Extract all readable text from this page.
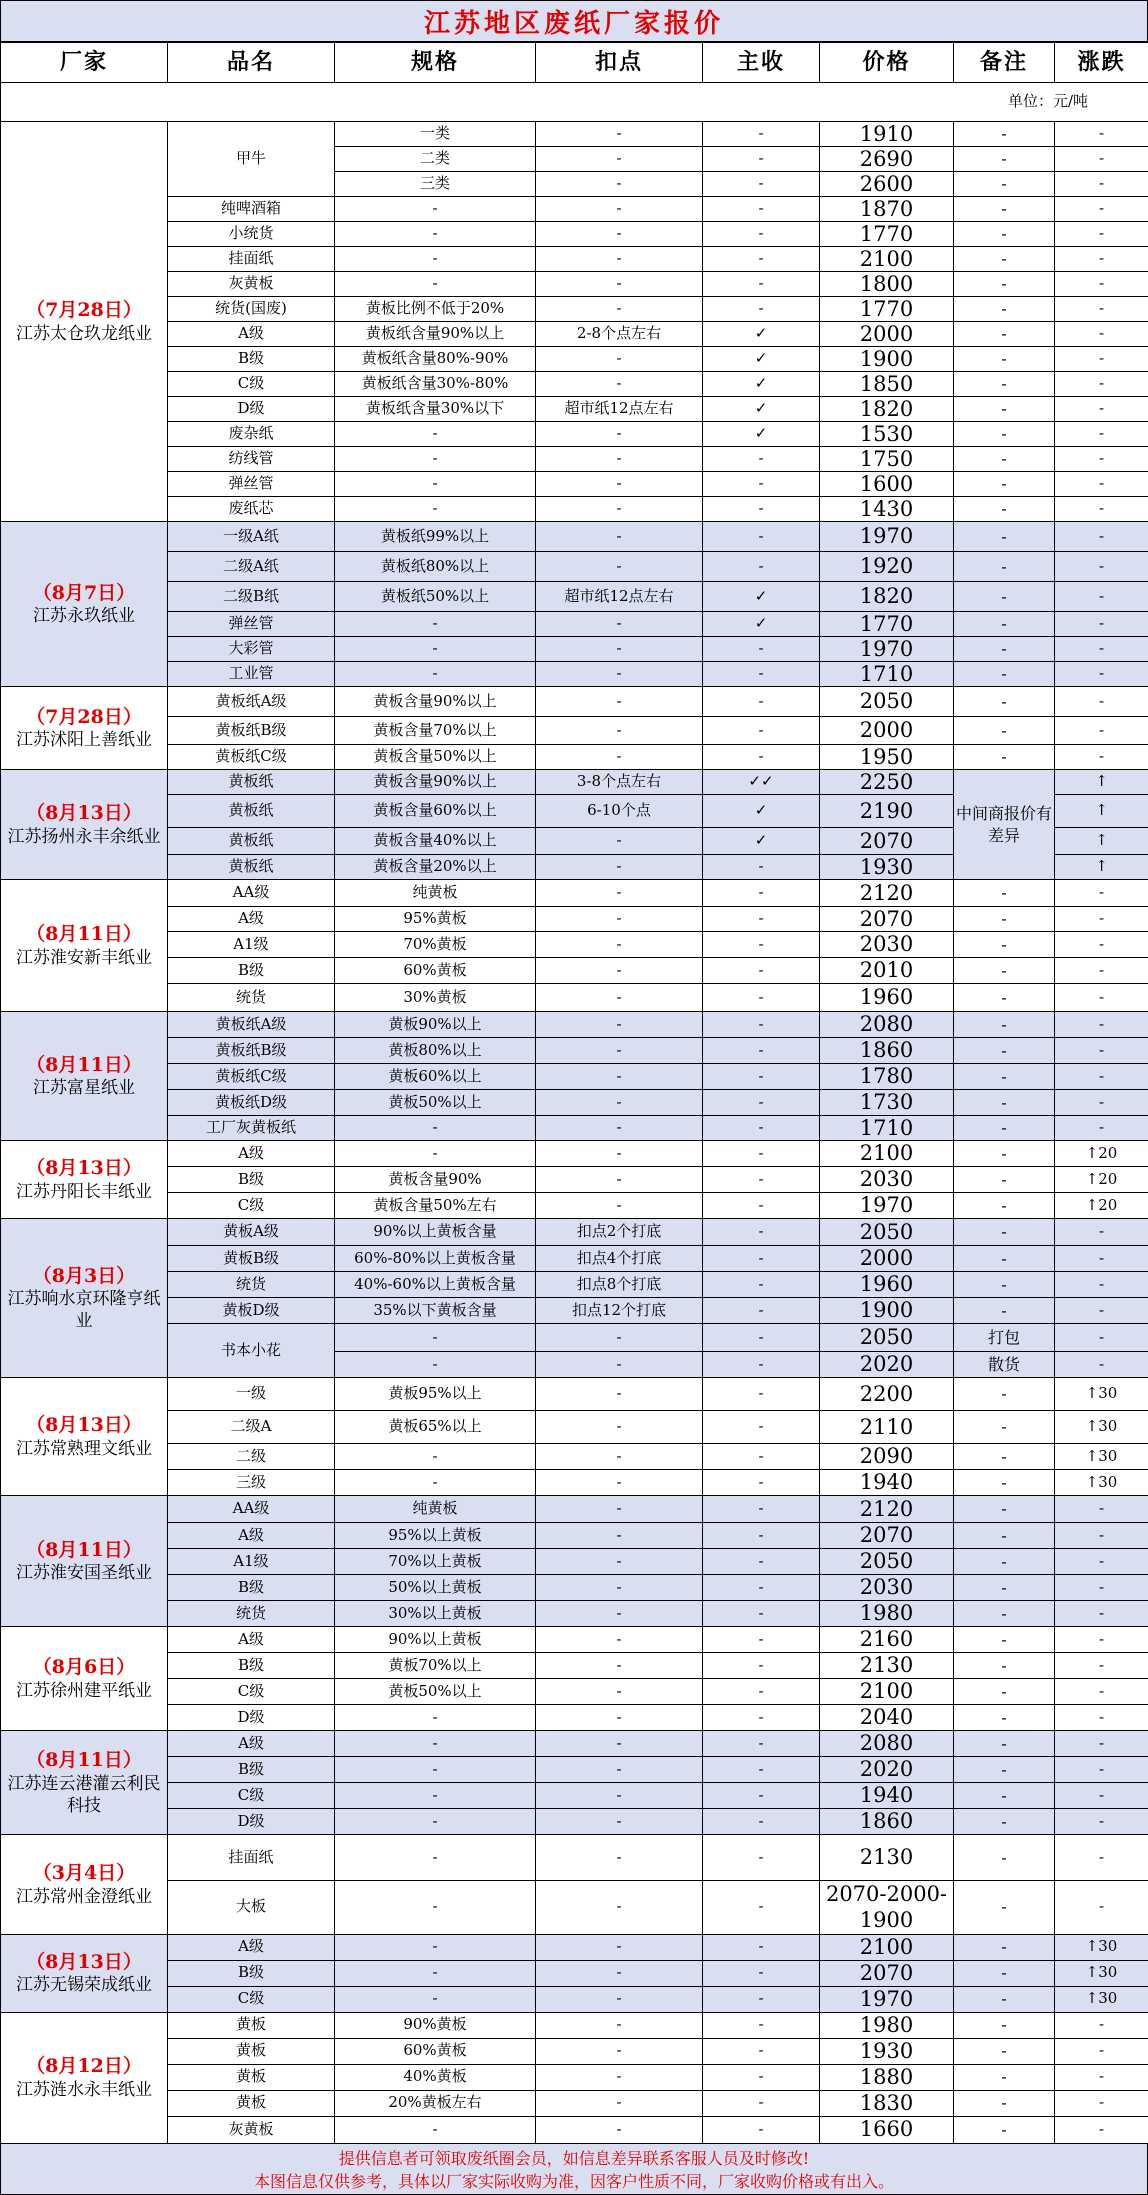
江苏地区废纸厂家报价
厂家	品名	规格	扣点	主收	价格	备注	涨跌
单位：元/吨							

（7月28日）
江苏太仓玖龙纸业	甲牛	一类	-	-	1910	-	-
		二类	-	-	2690	-	-
		三类	-	-	2600	-	-
	纯啤酒箱	-	-	-	1870	-	-
	小统货	-	-	-	1770	-	-
	挂面纸	-	-	-	2100	-	-
	灰黄板	-	-	-	1800	-	-
	统货(国废)	黄板比例不低于20%	-	-	1770	-	-
	A级	黄板纸含量90%以上	2-8个点左右	✓	2000	-	-
	B级	黄板纸含量80%-90%	-	✓	1900	-	-
	C级	黄板纸含量30%-80%	-	✓	1850	-	-
	D级	黄板纸含量30%以下	超市纸12点左右	✓	1820	-	-
	废杂纸	-	-	✓	1530	-	-
	纺线管	-	-	-	1750	-	-
	弹丝管	-	-	-	1600	-	-
	废纸芯	-	-	-	1430	-	-

（8月7日）
江苏永玖纸业	一级A纸	黄板纸99%以上	-	-	1970	-	-
	二级A纸	黄板纸80%以上	-	-	1920	-	-
	二级B纸	黄板纸50%以上	超市纸12点左右	✓	1820	-	-
	弹丝管	-	-	✓	1770	-	-
	大彩管	-	-	-	1970	-	-
	工业管	-	-	-	1710	-	-

（7月28日）
江苏沭阳上善纸业	黄板纸A级	黄板含量90%以上	-	-	2050	-	-
	黄板纸B级	黄板含量70%以上	-	-	2000	-	-
	黄板纸C级	黄板含量50%以上	-	-	1950	-	-

（8月13日）
江苏扬州永丰余纸业	黄板纸	黄板含量90%以上	3-8个点左右	✓✓	2250	中间商报价有差异	↑
	黄板纸	黄板含量60%以上	6-10个点	✓	2190		↑
	黄板纸	黄板含量40%以上	-	✓	2070		↑
	黄板纸	黄板含量20%以上	-	-	1930		↑

（8月11日）
江苏淮安新丰纸业	AA级	纯黄板	-	-	2120	-	-
	A级	95%黄板	-	-	2070	-	-
	A1级	70%黄板	-	-	2030	-	-
	B级	60%黄板	-	-	2010	-	-
	统货	30%黄板	-	-	1960	-	-

（8月11日）
江苏富星纸业	黄板纸A级	黄板90%以上	-	-	2080	-	-
	黄板纸B级	黄板80%以上	-	-	1860	-	-
	黄板纸C级	黄板60%以上	-	-	1780	-	-
	黄板纸D级	黄板50%以上	-	-	1730	-	-
	工厂灰黄板纸	-	-	-	1710	-	-

（8月13日）
江苏丹阳长丰纸业	A级	-	-	-	2100	-	↑20
	B级	黄板含量90%	-	-	2030	-	↑20
	C级	黄板含量50%左右	-	-	1970	-	↑20

（8月3日）
江苏响水京环隆亨纸业	黄板A级	90%以上黄板含量	扣点2个打底	-	2050	-	-
	黄板B级	60%-80%以上黄板含量	扣点4个打底	-	2000	-	-
	统货	40%-60%以上黄板含量	扣点8个打底	-	1960	-	-
	黄板D级	35%以下黄板含量	扣点12个打底	-	1900	-	-
	书本小花	-	-	-	2050	打包	-
		-	-	-	2020	散货	-

（8月13日）
江苏常熟理文纸业	一级	黄板95%以上	-	-	2200	-	↑30
	二级A	黄板65%以上	-	-	2110	-	↑30
	二级	-	-	-	2090	-	↑30
	三级	-	-	-	1940	-	↑30

（8月11日）
江苏淮安国圣纸业	AA级	纯黄板	-	-	2120	-	-
	A级	95%以上黄板	-	-	2070	-	-
	A1级	70%以上黄板	-	-	2050	-	-
	B级	50%以上黄板	-	-	2030	-	-
	统货	30%以上黄板	-	-	1980	-	-

（8月6日）
江苏徐州建平纸业	A级	90%以上黄板	-	-	2160	-	-
	B级	黄板70%以上	-	-	2130	-	-
	C级	黄板50%以上	-	-	2100	-	-
	D级	-	-	-	2040	-	-

（8月11日）
江苏连云港灌云利民科技	A级	-	-	-	2080	-	-
	B级	-	-	-	2020	-	-
	C级	-	-	-	1940	-	-
	D级	-	-	-	1860	-	-

（3月4日）
江苏常州金澄纸业	挂面纸	-	-	-	2130	-	-
	大板	-	-	-	2070-2000-1900	-	-

（8月13日）
江苏无锡荣成纸业	A级	-	-	-	2100	-	↑30
	B级	-	-	-	2070	-	↑30
	C级	-	-	-	1970	-	↑30

（8月12日）
江苏涟水永丰纸业	黄板	90%黄板	-	-	1980	-	-
	黄板	60%黄板	-	-	1930	-	-
	黄板	40%黄板	-	-	1880	-	-
	黄板	20%黄板左右	-	-	1830	-	-
	灰黄板	-	-	-	1660	-	-
提供信息者可领取废纸圈会员，如信息差异联系客服人员及时修改!
本图信息仅供参考，具体以厂家实际收购为准，因客户性质不同，厂家收购价格或有出入。
